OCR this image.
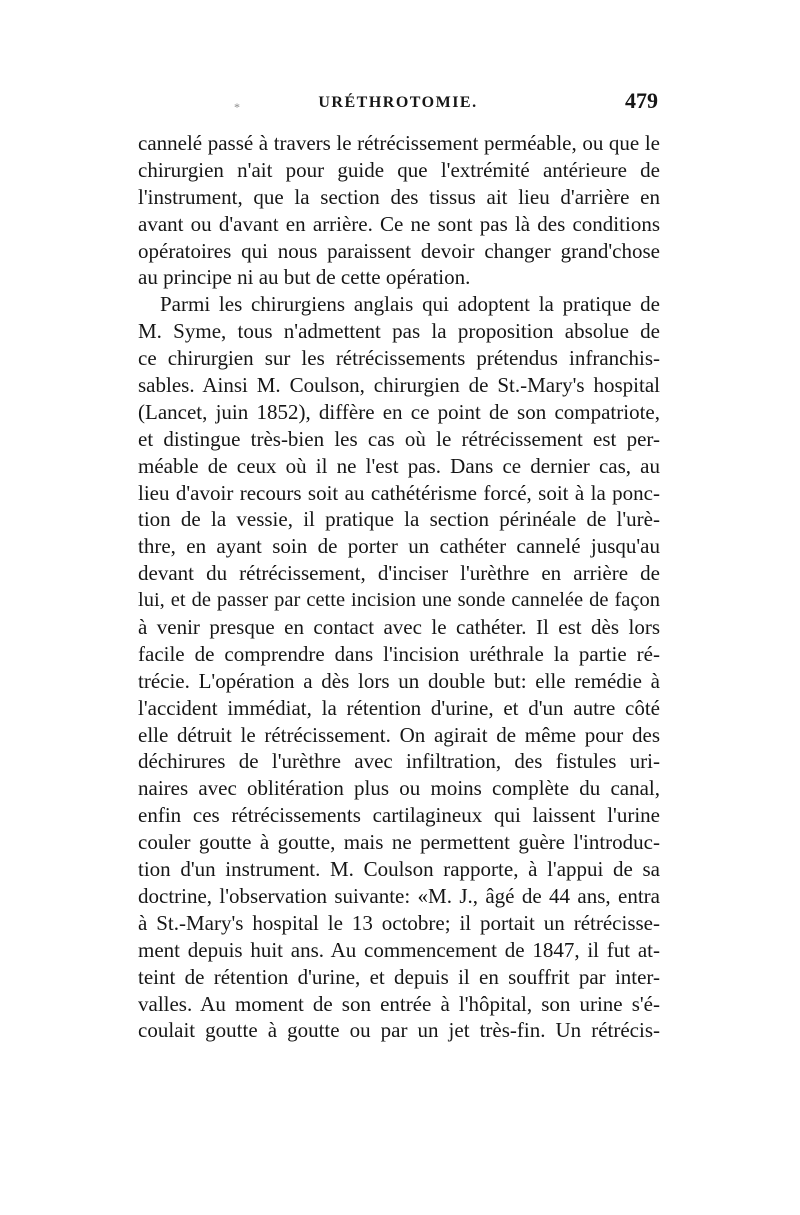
*	URÉTHROTOMIE.	479
cannelé passé à travers le rétrécissement perméable, ou que le
chirurgien n'ait pour guide que l'extrémité antérieure de
l'instrument, que la section des tissus ait lieu d'arrière en
avant ou d'avant en arrière. Ce ne sont pas là des conditions
opératoires qui nous paraissent devoir changer grand'chose
au principe ni au but de cette opération.
Parmi les chirurgiens anglais qui adoptent la pratique de
M. Syme, tous n'admettent pas la proposition absolue de
ce chirurgien sur les rétrécissements prétendus infranchis-
sables. Ainsi M. Coulson, chirurgien de St.-Mary's hospital
(Lancet, juin 1852), diffère en ce point de son compatriote,
et distingue très-bien les cas où le rétrécissement est per-
méable de ceux où il ne l'est pas. Dans ce dernier cas, au
lieu d'avoir recours soit au cathétérisme forcé, soit à la ponc-
tion de la vessie, il pratique la section périnéale de l'urè-
thre, en ayant soin de porter un cathéter cannelé jusqu'au
devant du rétrécissement, d'inciser l'urèthre en arrière de
lui, et de passer par cette incision une sonde cannelée de façon
à venir presque en contact avec le cathéter. Il est dès lors
facile de comprendre dans l'incision uréthrale la partie ré-
trécie. L'opération a dès lors un double but: elle remédie à
l'accident immédiat, la rétention d'urine, et d'un autre côté
elle détruit le rétrécissement. On agirait de même pour des
déchirures de l'urèthre avec infiltration, des fistules uri-
naires avec oblitération plus ou moins complète du canal,
enfin ces rétrécissements cartilagineux qui laissent l'urine
couler goutte à goutte, mais ne permettent guère l'introduc-
tion d'un instrument. M. Coulson rapporte, à l'appui de sa
doctrine, l'observation suivante: «M. J., âgé de 44 ans, entra
à St.-Mary's hospital le 13 octobre; il portait un rétrécisse-
ment depuis huit ans. Au commencement de 1847, il fut at-
teint de rétention d'urine, et depuis il en souffrit par inter-
valles. Au moment de son entrée à l'hôpital, son urine s'é-
coulait goutte à goutte ou par un jet très-fin. Un rétrécis-
